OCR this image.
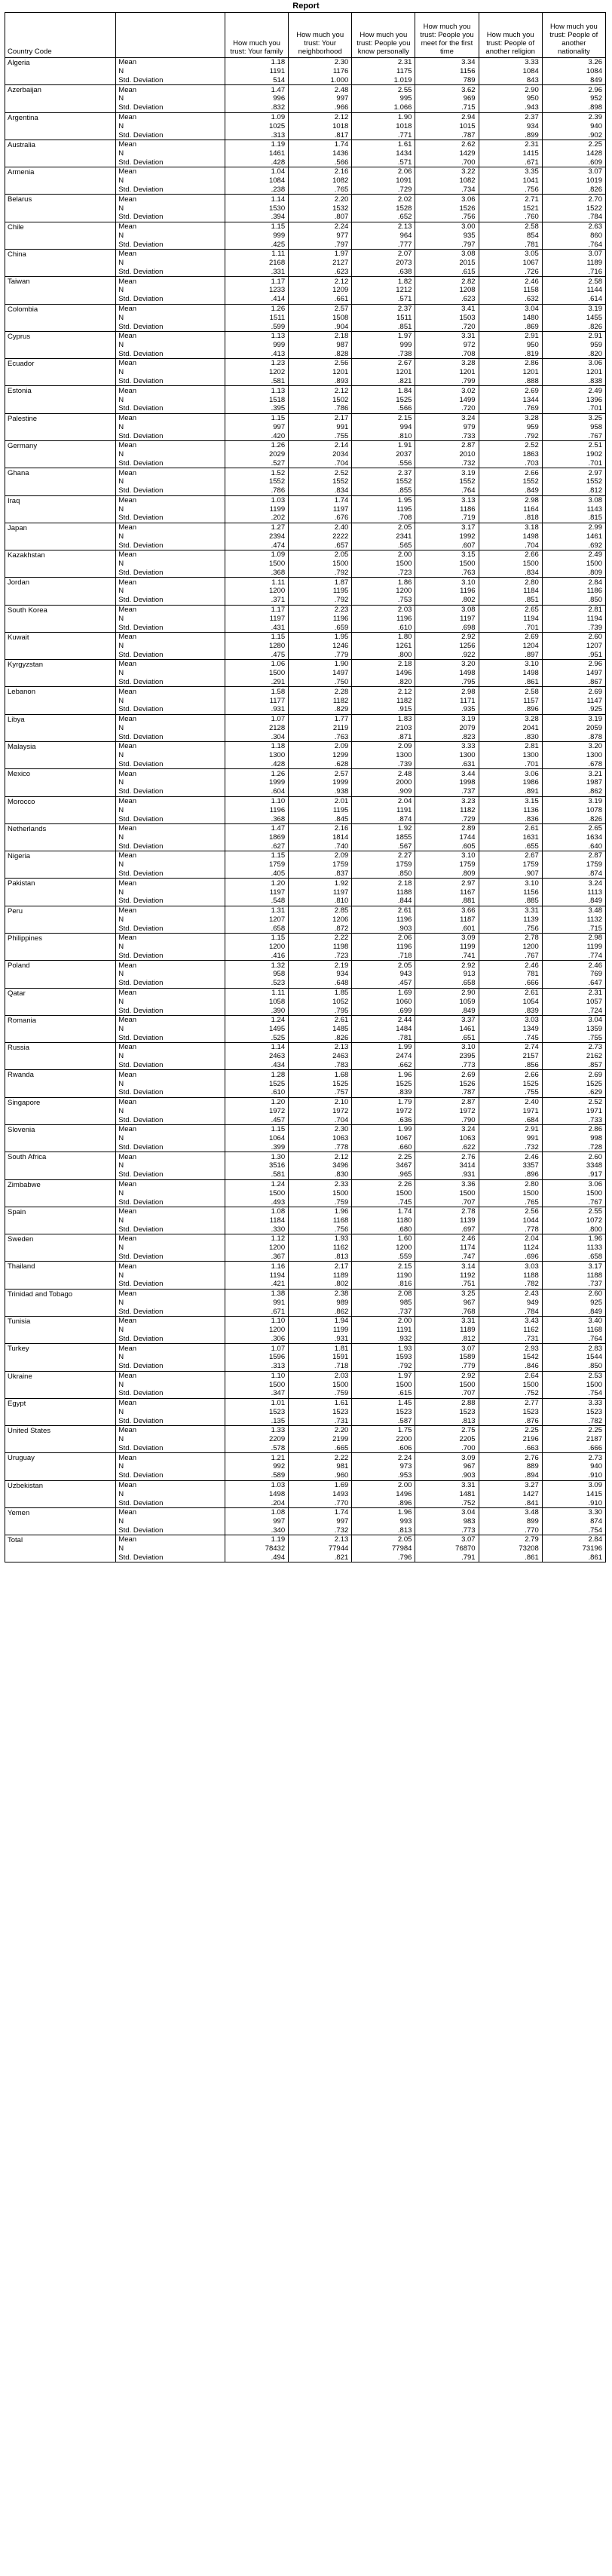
Report
Country Code		How much you trust: Your family	How much you trust: Your neighborhood	How much you trust: People you know personally	How much you trust: People you meet for the first time	How much you trust: People of another religion	How much you trust: People of another nationality
Algeria	Mean	1.18	2.30	2.31	3.34	3.33	3.26
	N	1191	1176	1175	1156	1084	1084
	Std. Deviation	514	1.000	1.019	789	843	849
Azerbaijan	Mean	1.47	2.48	2.55	3.62	2.90	2.96
	N	996	997	995	969	950	952
	Std. Deviation	.832	.966	1.066	.715	.943	.898
Argentina	Mean	1.09	2.12	1.90	2.94	2.37	2.39
	N	1025	1018	1018	1015	934	940
	Std. Deviation	.313	.817	.771	.787	.899	.902
Australia	Mean	1.19	1.74	1.61	2.62	2.31	2.25
	N	1461	1436	1434	1429	1415	1428
	Std. Deviation	.428	.566	.571	.700	.671	.609
Armenia	Mean	1.04	2.16	2.06	3.22	3.35	3.07
	N	1084	1082	1091	1082	1041	1019
	Std. Deviation	.238	.765	.729	.734	.756	.826
Belarus	Mean	1.14	2.20	2.02	3.06	2.71	2.70
	N	1530	1532	1528	1526	1521	1522
	Std. Deviation	.394	.807	.652	.756	.760	.784
Chile	Mean	1.15	2.24	2.13	3.00	2.58	2.63
	N	999	977	964	935	854	860
	Std. Deviation	.425	.797	.777	.797	.781	.764
China	Mean	1.11	1.97	2.07	3.08	3.05	3.07
	N	2168	2127	2073	2015	1067	1189
	Std. Deviation	.331	.623	.638	.615	.726	.716
Taiwan	Mean	1.17	2.12	1.82	2.82	2.46	2.58
	N	1233	1209	1212	1208	1158	1144
	Std. Deviation	.414	.661	.571	.623	.632	.614
Colombia	Mean	1.26	2.57	2.37	3.41	3.04	3.19
	N	1511	1508	1511	1503	1480	1455
	Std. Deviation	.599	.904	.851	.720	.869	.826
Cyprus	Mean	1.13	2.18	1.97	3.31	2.91	2.91
	N	999	987	999	972	950	959
	Std. Deviation	.413	.828	.738	.708	.819	.820
Ecuador	Mean	1.23	2.56	2.67	3.28	2.86	3.06
	N	1202	1201	1201	1201	1201	1201
	Std. Deviation	.581	.893	.821	.799	.888	.838
Estonia	Mean	1.13	2.12	1.84	3.02	2.69	2.49
	N	1518	1502	1525	1499	1344	1396
	Std. Deviation	.395	.786	.566	.720	.769	.701
Palestine	Mean	1.15	2.17	2.15	3.24	3.28	3.25
	N	997	991	994	979	959	958
	Std. Deviation	.420	.755	.810	.733	.792	.767
Germany	Mean	1.26	2.14	1.91	2.87	2.52	2.51
	N	2029	2034	2037	2010	1863	1902
	Std. Deviation	.527	.704	.556	.732	.703	.701
Ghana	Mean	1.52	2.52	2.37	3.19	2.66	2.97
	N	1552	1552	1552	1552	1552	1552
	Std. Deviation	.786	.834	.855	.764	.849	.812
Iraq	Mean	1.03	1.74	1.95	3.13	2.98	3.08
	N	1199	1197	1195	1186	1164	1143
	Std. Deviation	.202	.676	.708	.719	.818	.815
Japan	Mean	1.27	2.40	2.05	3.17	3.18	2.99
	N	2394	2222	2341	1992	1498	1461
	Std. Deviation	.474	.657	.565	.607	.704	.692
Kazakhstan	Mean	1.09	2.05	2.00	3.15	2.66	2.49
	N	1500	1500	1500	1500	1500	1500
	Std. Deviation	.368	.792	.723	.763	.834	.809
Jordan	Mean	1.11	1.87	1.86	3.10	2.80	2.84
	N	1200	1195	1200	1196	1184	1186
	Std. Deviation	.371	.792	.753	.802	.851	.850
South Korea	Mean	1.17	2.23	2.03	3.08	2.65	2.81
	N	1197	1196	1196	1197	1194	1194
	Std. Deviation	.431	.659	.610	.698	.701	.739
Kuwait	Mean	1.15	1.95	1.80	2.92	2.69	2.60
	N	1280	1246	1261	1256	1204	1207
	Std. Deviation	.475	.779	.800	.922	.897	.951
Kyrgyzstan	Mean	1.06	1.90	2.18	3.20	3.10	2.96
	N	1500	1497	1496	1498	1498	1497
	Std. Deviation	.291	.750	.820	.795	.861	.867
Lebanon	Mean	1.58	2.28	2.12	2.98	2.58	2.69
	N	1177	1182	1182	1171	1157	1147
	Std. Deviation	.931	.829	.915	.935	.896	.925
Libya	Mean	1.07	1.77	1.83	3.19	3.28	3.19
	N	2128	2119	2103	2079	2041	2059
	Std. Deviation	.304	.763	.871	.823	.830	.878
Malaysia	Mean	1.18	2.09	2.09	3.33	2.81	3.20
	N	1300	1299	1300	1300	1300	1300
	Std. Deviation	.428	.628	.739	.631	.701	.678
Mexico	Mean	1.26	2.57	2.48	3.44	3.06	3.21
	N	1999	1999	2000	1998	1986	1987
	Std. Deviation	.604	.938	.909	.737	.891	.862
Morocco	Mean	1.10	2.01	2.04	3.23	3.15	3.19
	N	1196	1195	1191	1182	1136	1078
	Std. Deviation	.368	.845	.874	.729	.836	.826
Netherlands	Mean	1.47	2.16	1.92	2.89	2.61	2.65
	N	1869	1814	1855	1744	1631	1634
	Std. Deviation	.627	.740	.567	.605	.655	.640
Nigeria	Mean	1.15	2.09	2.27	3.10	2.67	2.87
	N	1759	1759	1759	1759	1759	1759
	Std. Deviation	.405	.837	.850	.809	.907	.874
Pakistan	Mean	1.20	1.92	2.18	2.97	3.10	3.24
	N	1197	1197	1188	1167	1156	1113
	Std. Deviation	.548	.810	.844	.881	.885	.849
Peru	Mean	1.31	2.85	2.61	3.66	3.31	3.48
	N	1207	1206	1196	1187	1139	1132
	Std. Deviation	.658	.872	.903	.601	.756	.715
Philippines	Mean	1.15	2.22	2.06	3.09	2.78	2.98
	N	1200	1198	1196	1199	1200	1199
	Std. Deviation	.416	.723	.718	.741	.767	.774
Poland	Mean	1.32	2.19	2.05	2.92	2.46	2.46
	N	958	934	943	913	781	769
	Std. Deviation	.523	.648	.457	.658	.666	.647
Qatar	Mean	1.11	1.85	1.69	2.90	2.61	2.31
	N	1058	1052	1060	1059	1054	1057
	Std. Deviation	.390	.795	.699	.849	.839	.724
Romania	Mean	1.24	2.61	2.44	3.37	3.03	3.04
	N	1495	1485	1484	1461	1349	1359
	Std. Deviation	.525	.826	.781	.651	.745	.755
Russia	Mean	1.14	2.13	1.99	3.10	2.74	2.73
	N	2463	2463	2474	2395	2157	2162
	Std. Deviation	.434	.783	.662	.773	.856	.857
Rwanda	Mean	1.28	1.68	1.96	2.69	2.66	2.69
	N	1525	1525	1525	1526	1525	1525
	Std. Deviation	.610	.757	.839	.787	.755	.629
Singapore	Mean	1.20	2.10	1.79	2.87	2.40	2.52
	N	1972	1972	1972	1972	1971	1971
	Std. Deviation	.457	.704	.636	.790	.684	.733
Slovenia	Mean	1.15	2.30	1.99	3.24	2.91	2.86
	N	1064	1063	1067	1063	991	998
	Std. Deviation	.399	.778	.660	.622	.732	.728
South Africa	Mean	1.30	2.12	2.25	2.76	2.46	2.60
	N	3516	3496	3467	3414	3357	3348
	Std. Deviation	.581	.830	.965	.931	.896	.917
Zimbabwe	Mean	1.24	2.33	2.26	3.36	2.80	3.06
	N	1500	1500	1500	1500	1500	1500
	Std. Deviation	.493	.759	.745	.707	.765	.767
Spain	Mean	1.08	1.96	1.74	2.78	2.56	2.55
	N	1184	1168	1180	1139	1044	1072
	Std. Deviation	.330	.756	.680	.697	.778	.800
Sweden	Mean	1.12	1.93	1.60	2.46	2.04	1.96
	N	1200	1162	1200	1174	1124	1133
	Std. Deviation	.367	.813	.559	.747	.696	.658
Thailand	Mean	1.16	2.17	2.15	3.14	3.03	3.17
	N	1194	1189	1190	1192	1188	1188
	Std. Deviation	.421	.802	.816	.751	.782	.737
Trinidad and Tobago	Mean	1.38	2.38	2.08	3.25	2.43	2.60
	N	991	989	985	967	949	925
	Std. Deviation	.671	.862	.737	.768	.784	.849
Tunisia	Mean	1.10	1.94	2.00	3.31	3.43	3.40
	N	1200	1199	1191	1189	1162	1168
	Std. Deviation	.306	.931	.932	.812	.731	.764
Turkey	Mean	1.07	1.81	1.93	3.07	2.93	2.83
	N	1596	1591	1593	1589	1542	1544
	Std. Deviation	.313	.718	.792	.779	.846	.850
Ukraine	Mean	1.10	2.03	1.97	2.92	2.64	2.53
	N	1500	1500	1500	1500	1500	1500
	Std. Deviation	.347	.759	.615	.707	.752	.754
Egypt	Mean	1.01	1.61	1.45	2.88	2.77	3.33
	N	1523	1523	1523	1523	1523	1523
	Std. Deviation	.135	.731	.587	.813	.876	.782
United States	Mean	1.33	2.20	1.75	2.75	2.25	2.25
	N	2209	2199	2200	2205	2196	2187
	Std. Deviation	.578	.665	.606	.700	.663	.666
Uruguay	Mean	1.21	2.22	2.24	3.09	2.76	2.73
	N	992	981	973	967	889	940
	Std. Deviation	.589	.960	.953	.903	.894	.910
Uzbekistan	Mean	1.03	1.69	2.00	3.31	3.27	3.09
	N	1498	1493	1496	1481	1427	1415
	Std. Deviation	.204	.770	.896	.752	.841	.910
Yemen	Mean	1.08	1.74	1.96	3.04	3.48	3.30
	N	997	997	993	983	899	874
	Std. Deviation	.340	.732	.813	.773	.770	.754
Total	Mean	1.19	2.13	2.05	3.07	2.79	2.84
	N	78432	77944	77984	76870	73208	73196
	Std. Deviation	.494	.821	.796	.791	.861	.861
